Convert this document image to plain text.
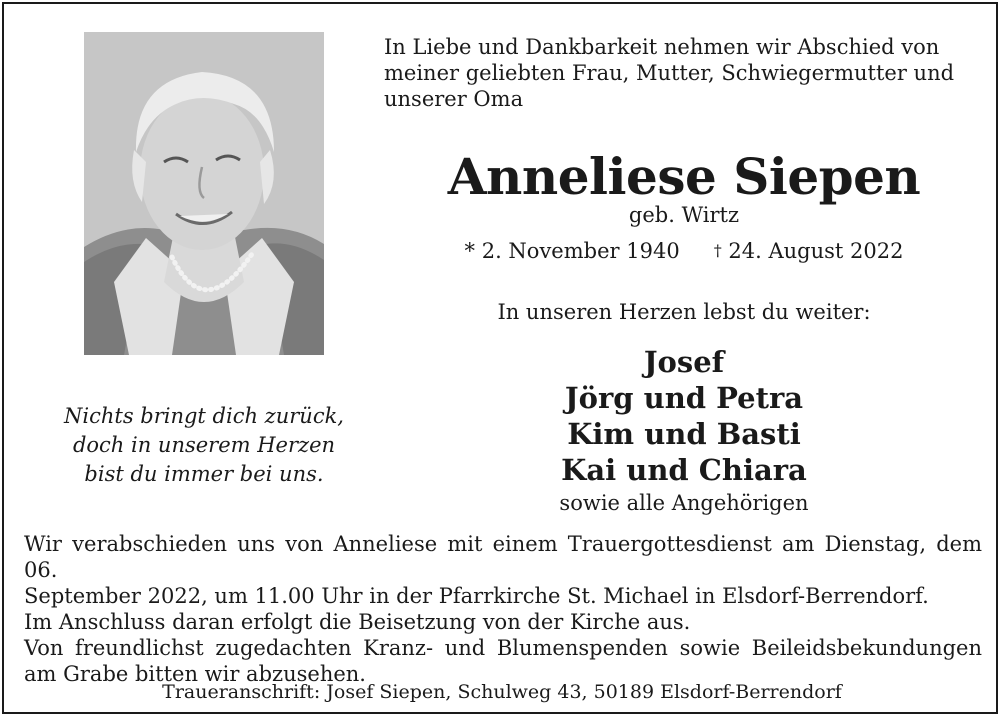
In Liebe und Dankbarkeit nehmen wir Abschied von
meiner geliebten Frau, Mutter, Schwiegermutter und
unserer Oma

Anneliese Siepen
geb. Wirtz
* 2. November 1940 † 24. August 2022
In unseren Herzen lebst du weiter:
Josef
Jörg und Petra
Kim und Basti
Kai und Chiara
sowie alle Angehörigen

Nichts bringt dich zurück,
doch in unserem Herzen
bist du immer bei uns.

Wir verabschieden uns von Anneliese mit einem Trauergottesdienst am Dienstag, dem 06.
September 2022, um 11.00 Uhr in der Pfarrkirche St. Michael in Elsdorf-Berrendorf.
Im Anschluss daran erfolgt die Beisetzung von der Kirche aus.
Von freundlichst zugedachten Kranz- und Blumenspenden sowie Beileidsbekundungen
am Grabe bitten wir abzusehen.

Traueranschrift: Josef Siepen, Schulweg 43, 50189 Elsdorf-Berrendorf
